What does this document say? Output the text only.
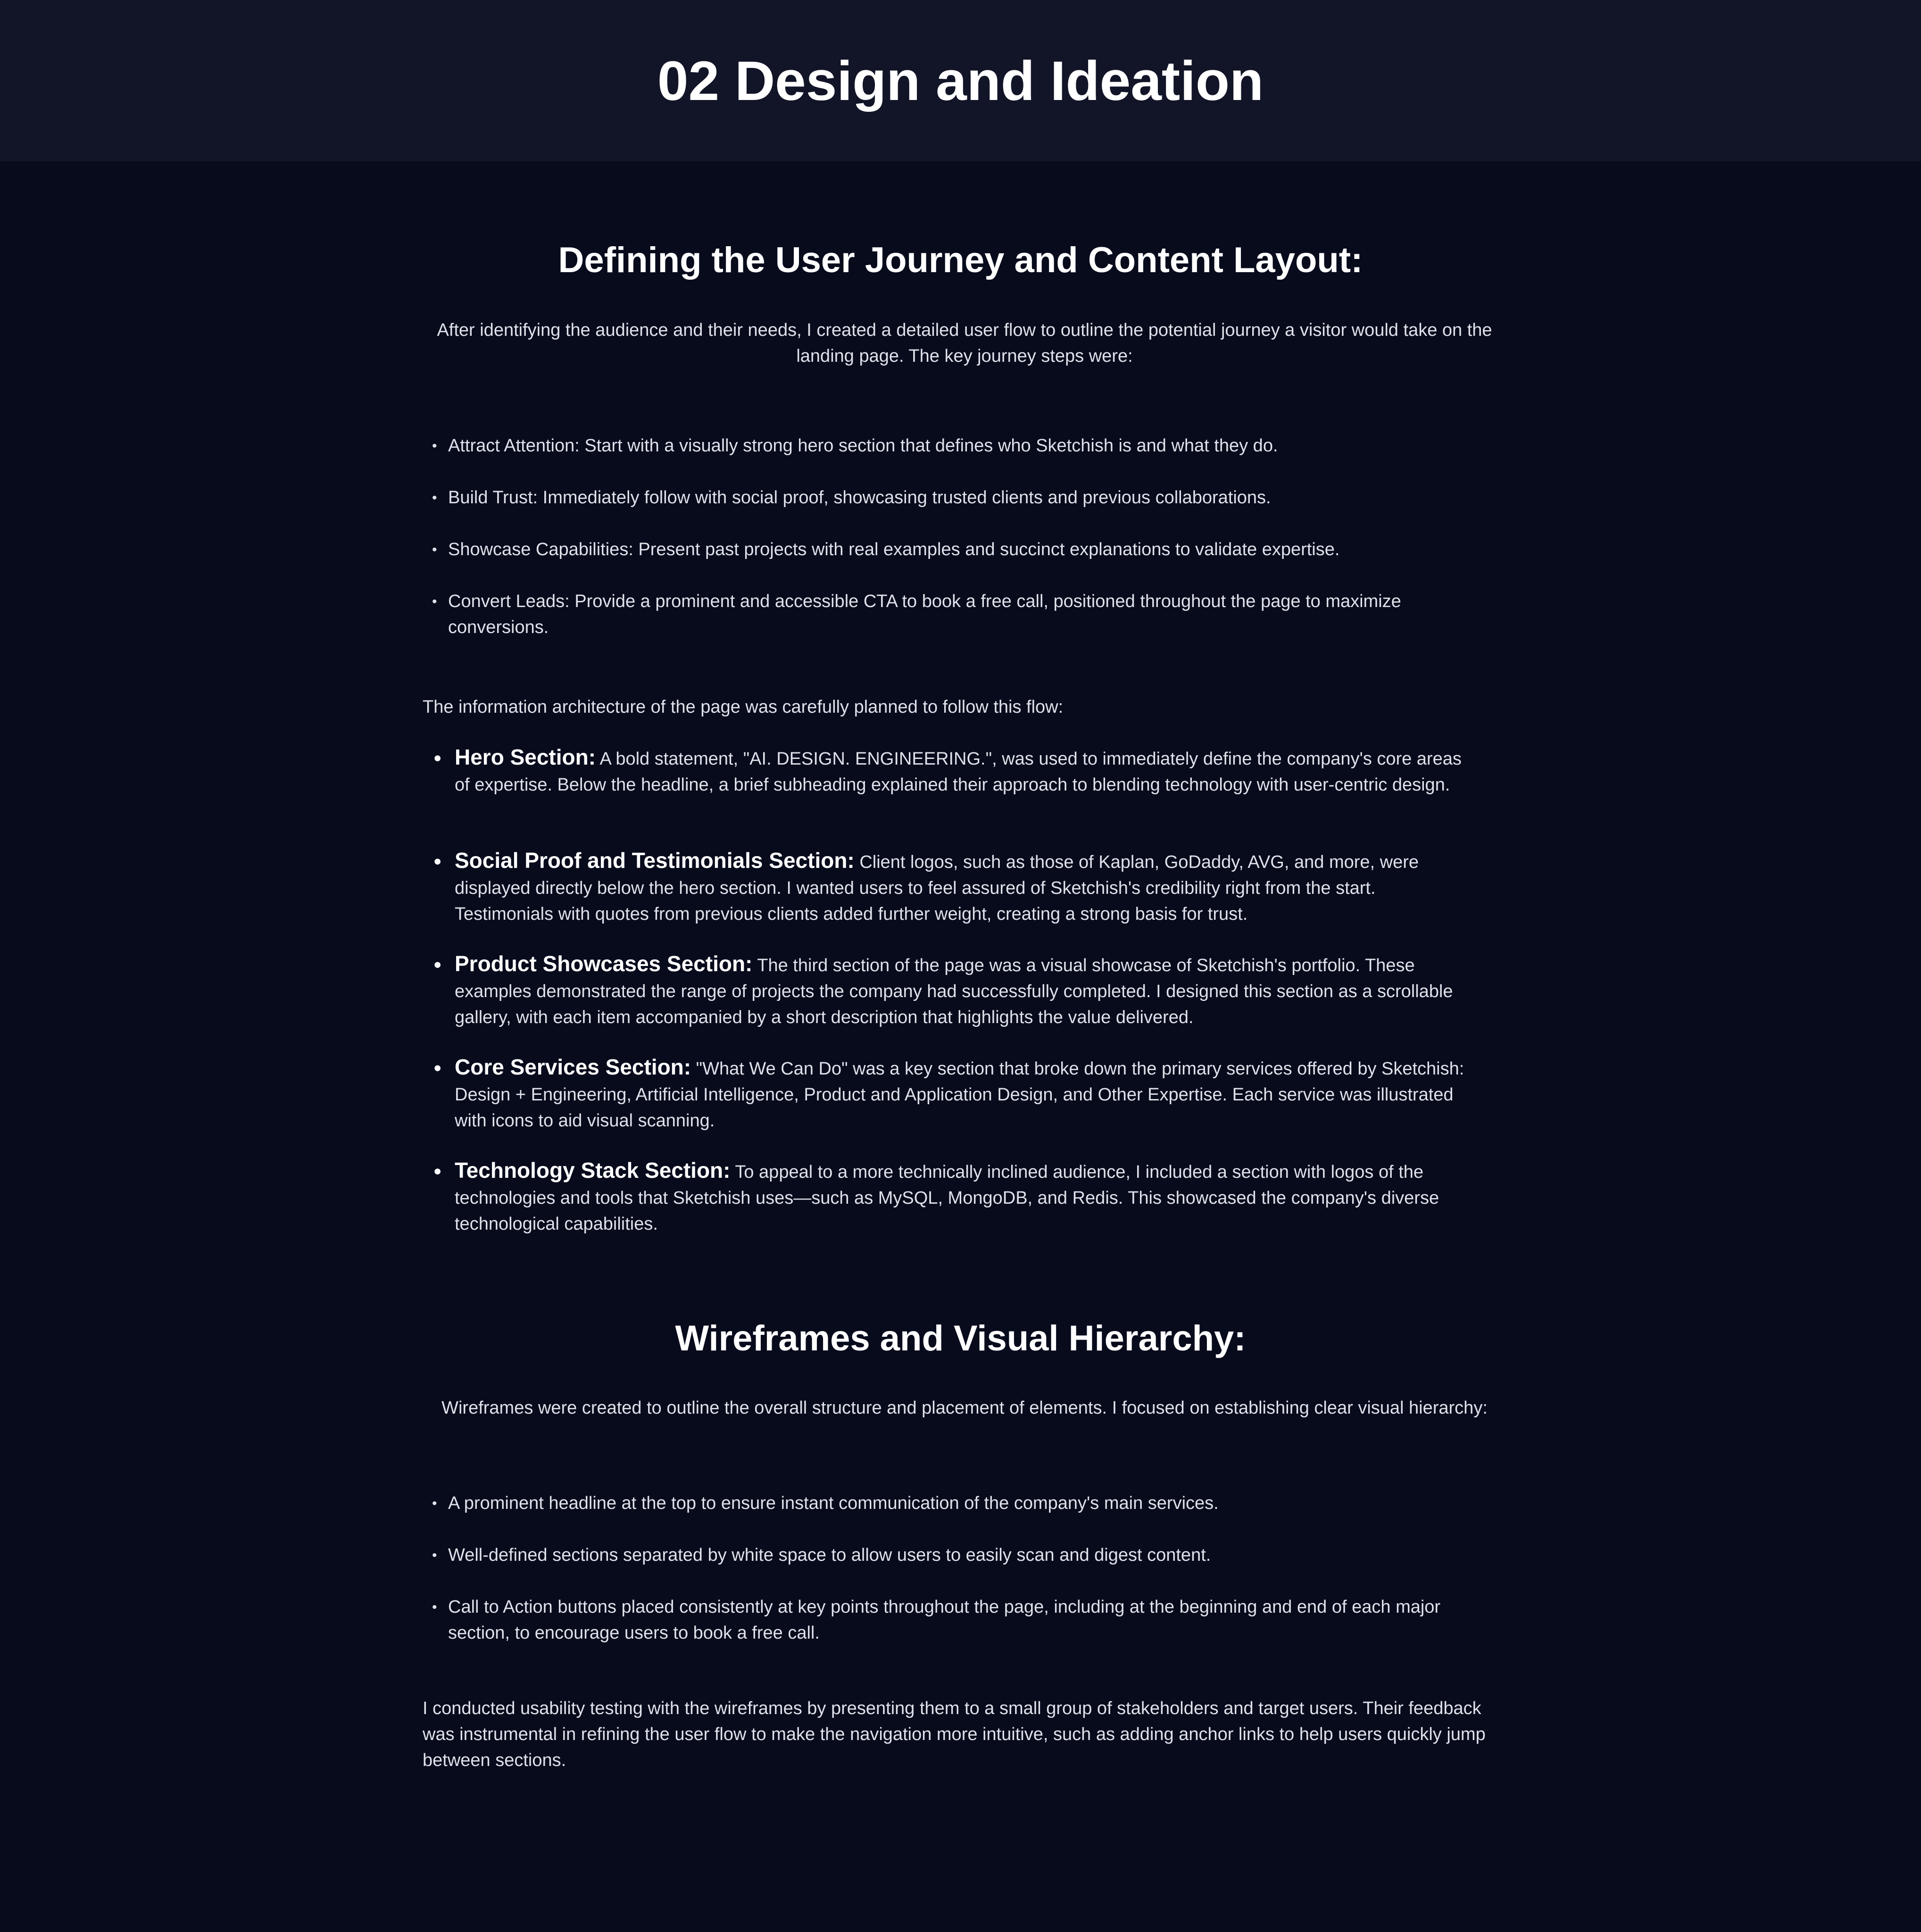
02 Design and Ideation
Defining the User Journey and Content Layout:

After identifying the audience and their needs, I created a detailed user flow to outline the potential journey a visitor would take on the landing page. The key journey steps were:

• Attract Attention: Start with a visually strong hero section that defines who Sketchish is and what they do.
• Build Trust: Immediately follow with social proof, showcasing trusted clients and previous collaborations.
• Showcase Capabilities: Present past projects with real examples and succinct explanations to validate expertise.
• Convert Leads: Provide a prominent and accessible CTA to book a free call, positioned throughout the page to maximize conversions.

The information architecture of the page was carefully planned to follow this flow:

• Hero Section: A bold statement, "AI. DESIGN. ENGINEERING.", was used to immediately define the company's core areas of expertise. Below the headline, a brief subheading explained their approach to blending technology with user-centric design.
• Social Proof and Testimonials Section: Client logos, such as those of Kaplan, GoDaddy, AVG, and more, were displayed directly below the hero section. I wanted users to feel assured of Sketchish's credibility right from the start. Testimonials with quotes from previous clients added further weight, creating a strong basis for trust.
• Product Showcases Section: The third section of the page was a visual showcase of Sketchish's portfolio. These examples demonstrated the range of projects the company had successfully completed. I designed this section as a scrollable gallery, with each item accompanied by a short description that highlights the value delivered.
• Core Services Section: "What We Can Do" was a key section that broke down the primary services offered by Sketchish: Design + Engineering, Artificial Intelligence, Product and Application Design, and Other Expertise. Each service was illustrated with icons to aid visual scanning.
• Technology Stack Section: To appeal to a more technically inclined audience, I included a section with logos of the technologies and tools that Sketchish uses—such as MySQL, MongoDB, and Redis. This showcased the company's diverse technological capabilities.
Wireframes and Visual Hierarchy:

Wireframes were created to outline the overall structure and placement of elements. I focused on establishing clear visual hierarchy:

• A prominent headline at the top to ensure instant communication of the company's main services.
• Well-defined sections separated by white space to allow users to easily scan and digest content.
• Call to Action buttons placed consistently at key points throughout the page, including at the beginning and end of each major section, to encourage users to book a free call.

I conducted usability testing with the wireframes by presenting them to a small group of stakeholders and target users. Their feedback was instrumental in refining the user flow to make the navigation more intuitive, such as adding anchor links to help users quickly jump between sections.
